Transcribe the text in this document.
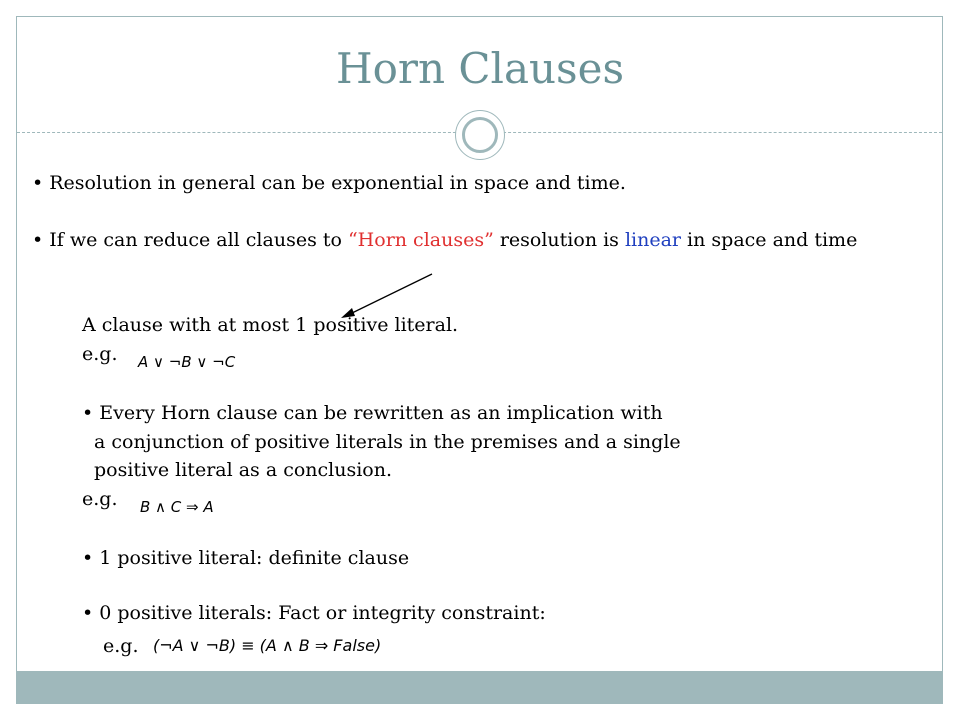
Horn Clauses
• Resolution in general can be exponential in space and time.
• If we can reduce all clauses to “Horn clauses” resolution is linear in space and time
A clause with at most 1 positive literal.
e.g. A ∨ ¬B ∨ ¬C
• Every Horn clause can be rewritten as an implication with
a conjunction of positive literals in the premises and a single
positive literal as a conclusion.
e.g. B ∧ C ⇒ A
• 1 positive literal: definite clause
• 0 positive literals: Fact or integrity constraint:
e.g. (¬A ∨ ¬B) ≡ (A ∧ B ⇒ False)
